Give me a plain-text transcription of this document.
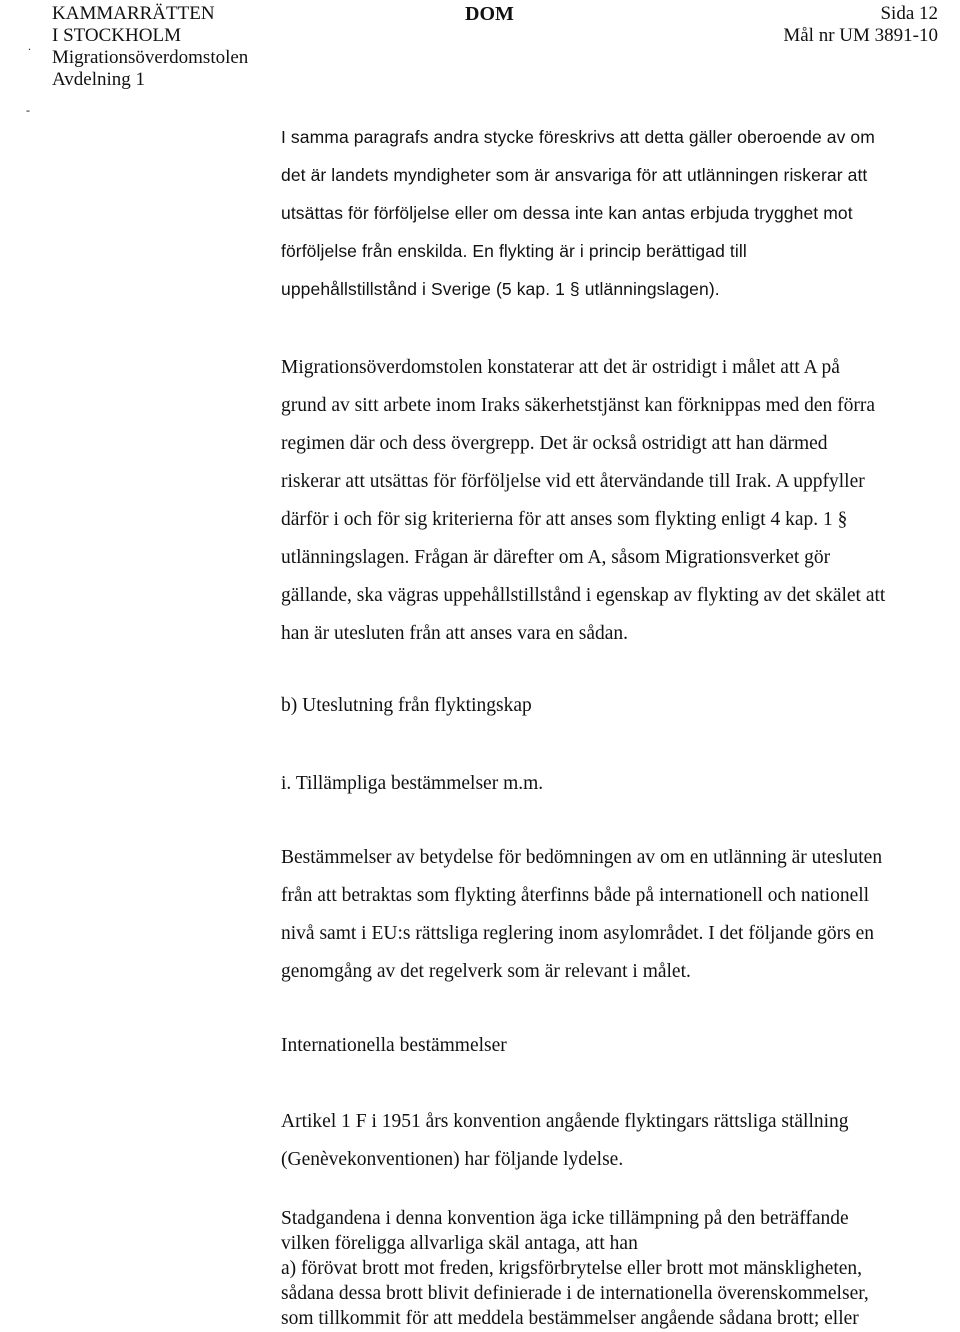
KAMMARRÄTTEN
I STOCKHOLM
Migrationsöverdomstolen
Avdelning 1
DOM	Sida 12
Mål nr UM 3891-10
.
-
I samma paragrafs andra stycke föreskrivs att detta gäller oberoende av om
det är landets myndigheter som är ansvariga för att utlänningen riskerar att
utsättas för förföljelse eller om dessa inte kan antas erbjuda trygghet mot
förföljelse från enskilda. En flykting är i princip berättigad till
uppehållstillstånd i Sverige (5 kap. 1 § utlänningslagen).
Migrationsöverdomstolen konstaterar att det är ostridigt i målet att A på
grund av sitt arbete inom Iraks säkerhetstjänst kan förknippas med den förra
regimen där och dess övergrepp. Det är också ostridigt att han därmed
riskerar att utsättas för förföljelse vid ett återvändande till Irak. A uppfyller
därför i och för sig kriterierna för att anses som flykting enligt 4 kap. 1 §
utlänningslagen. Frågan är därefter om A, såsom Migrationsverket gör
gällande, ska vägras uppehållstillstånd i egenskap av flykting av det skälet att
han är utesluten från att anses vara en sådan.
b) Uteslutning från flyktingskap
i. Tillämpliga bestämmelser m.m.
Bestämmelser av betydelse för bedömningen av om en utlänning är utesluten
från att betraktas som flykting återfinns både på internationell och nationell
nivå samt i EU:s rättsliga reglering inom asylområdet. I det följande görs en
genomgång av det regelverk som är relevant i målet.
Internationella bestämmelser
Artikel 1 F i 1951 års konvention angående flyktingars rättsliga ställning
(Genèvekonventionen) har följande lydelse.
Stadgandena i denna konvention äga icke tillämpning på den beträffande
vilken föreligga allvarliga skäl antaga, att han
a) förövat brott mot freden, krigsförbrytelse eller brott mot mänskligheten,
sådana dessa brott blivit definierade i de internationella överenskommelser,
som tillkommit för att meddela bestämmelser angående sådana brott; eller
